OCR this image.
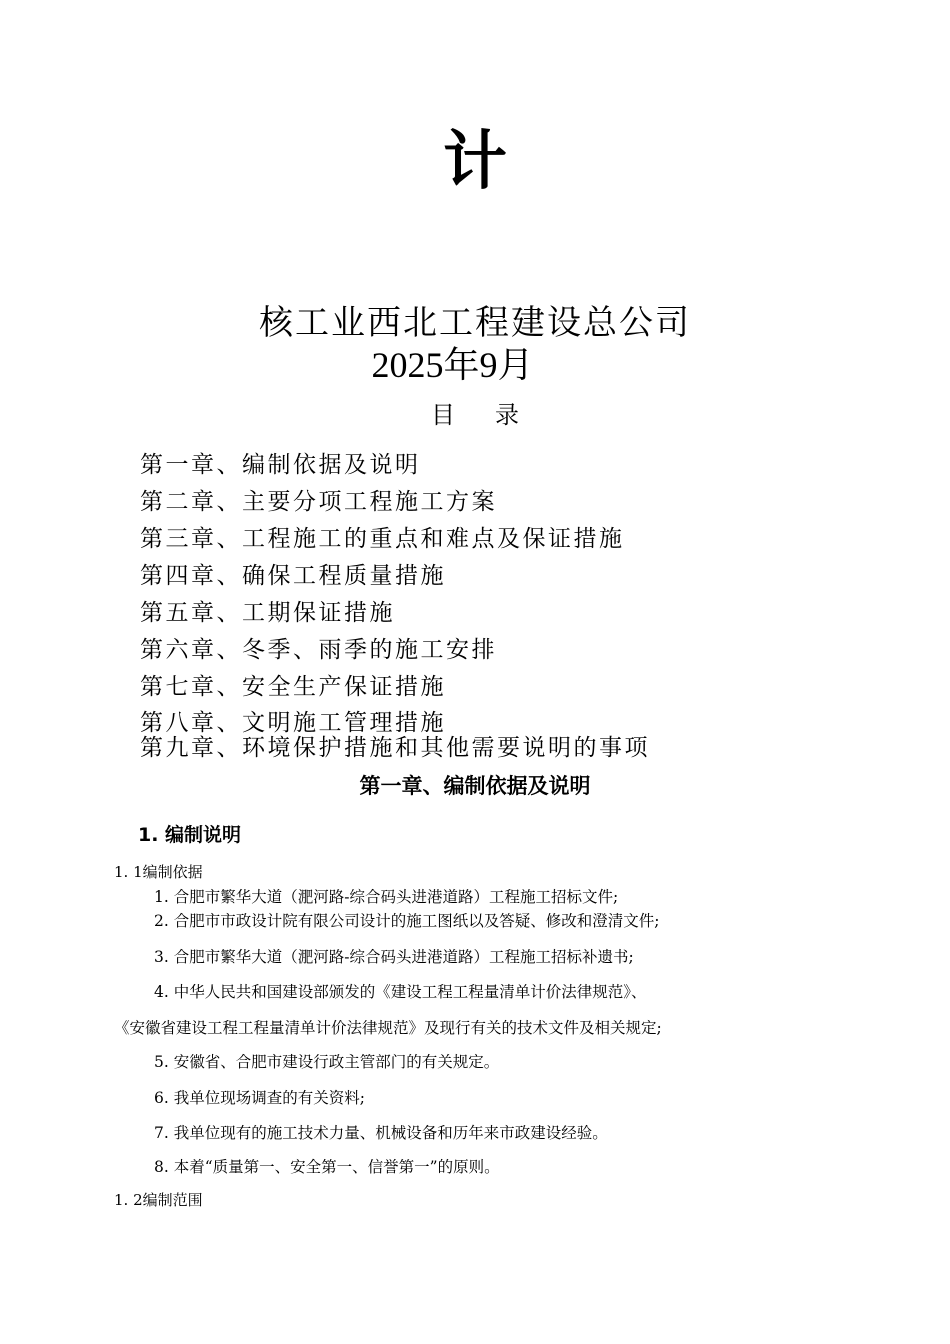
计
核工业西北工程建设总公司
2025年9月
目录
第一章、编制依据及说明
第二章、主要分项工程施工方案
第三章、工程施工的重点和难点及保证措施
第四章、确保工程质量措施
第五章、工期保证措施
第六章、冬季、雨季的施工安排
第七章、安全生产保证措施
第八章、文明施工管理措施
第九章、环境保护措施和其他需要说明的事项
第一章、编制依据及说明
1. 编制说明
1. 1编制依据
1. 合肥市繁华大道（淝河路-综合码头进港道路）工程施工招标文件;
2. 合肥市市政设计院有限公司设计的施工图纸以及答疑、修改和澄清文件;
3. 合肥市繁华大道（淝河路-综合码头进港道路）工程施工招标补遗书;
4. 中华人民共和国建设部颁发的《建设工程工程量清单计价法律规范》、
《安徽省建设工程工程量清单计价法律规范》及现行有关的技术文件及相关规定;
5. 安徽省、合肥市建设行政主管部门的有关规定。
6. 我单位现场调查的有关资料;
7. 我单位现有的施工技术力量、机械设备和历年来市政建设经验。
8. 本着“质量第一、安全第一、信誉第一”的原则。
1. 2编制范围
